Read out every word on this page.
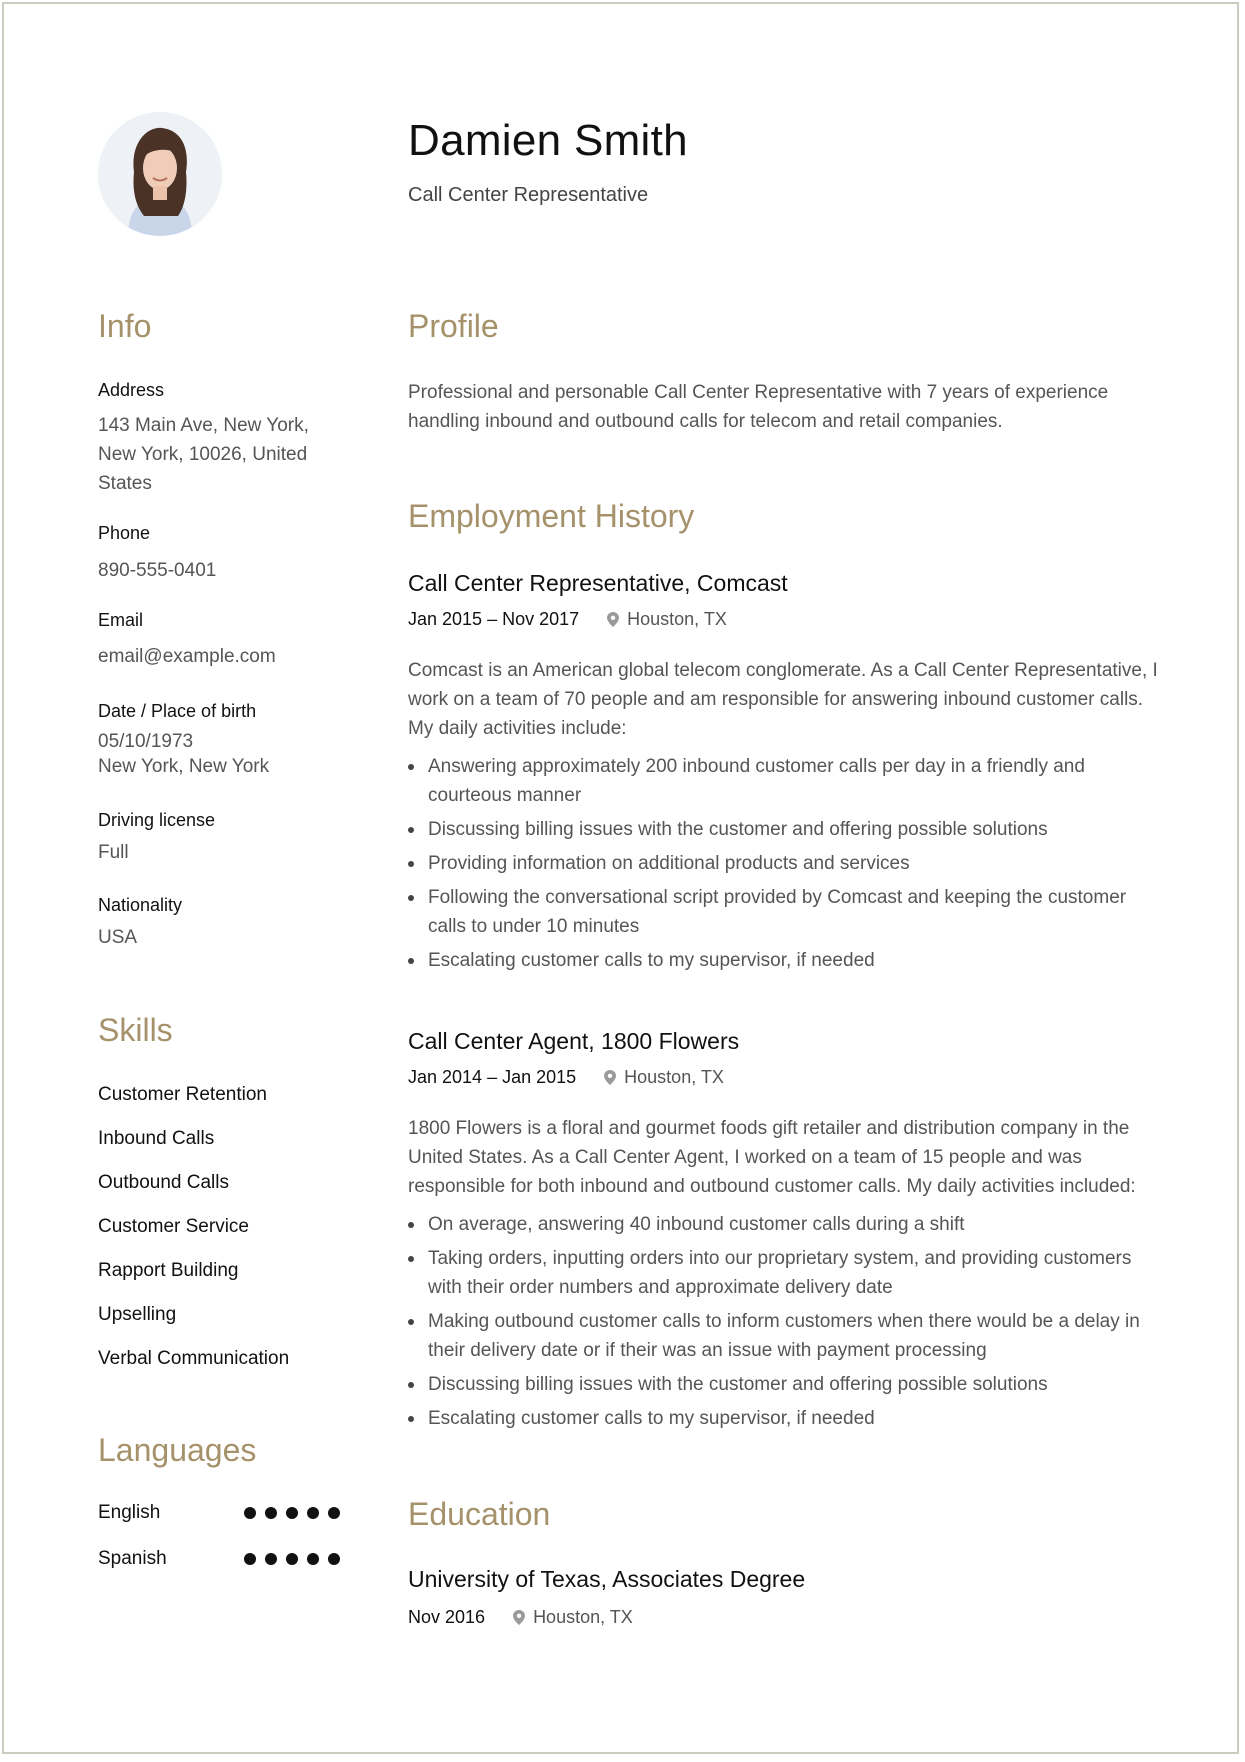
Damien Smith
Call Center Representative
Info
Address
143 Main Ave, New York,
New York, 10026, United
States
Phone
890-555-0401
Email
email@example.com
Date / Place of birth
05/10/1973
New York, New York
Driving license
Full
Nationality
USA
Skills
Customer Retention
Inbound Calls
Outbound Calls
Customer Service
Rapport Building
Upselling
Verbal Communication
Languages
English
Spanish
Profile
Professional and personable Call Center Representative with 7 years of experience
handling inbound and outbound calls for telecom and retail companies.
Employment History
Call Center Representative, Comcast
Jan 2015 – Nov 2017	Houston, TX
Comcast is an American global telecom conglomerate. As a Call Center Representative, I
work on a team of 70 people and am responsible for answering inbound customer calls.
My daily activities include:
Answering approximately 200 inbound customer calls per day in a friendly and
courteous manner
Discussing billing issues with the customer and offering possible solutions
Providing information on additional products and services
Following the conversational script provided by Comcast and keeping the customer
calls to under 10 minutes
Escalating customer calls to my supervisor, if needed
Call Center Agent, 1800 Flowers
Jan 2014 – Jan 2015	Houston, TX
1800 Flowers is a floral and gourmet foods gift retailer and distribution company in the
United States. As a Call Center Agent, I worked on a team of 15 people and was
responsible for both inbound and outbound customer calls. My daily activities included:
On average, answering 40 inbound customer calls during a shift
Taking orders, inputting orders into our proprietary system, and providing customers
with their order numbers and approximate delivery date
Making outbound customer calls to inform customers when there would be a delay in
their delivery date or if their was an issue with payment processing
Discussing billing issues with the customer and offering possible solutions
Escalating customer calls to my supervisor, if needed
Education
University of Texas, Associates Degree
Nov 2016	Houston, TX
